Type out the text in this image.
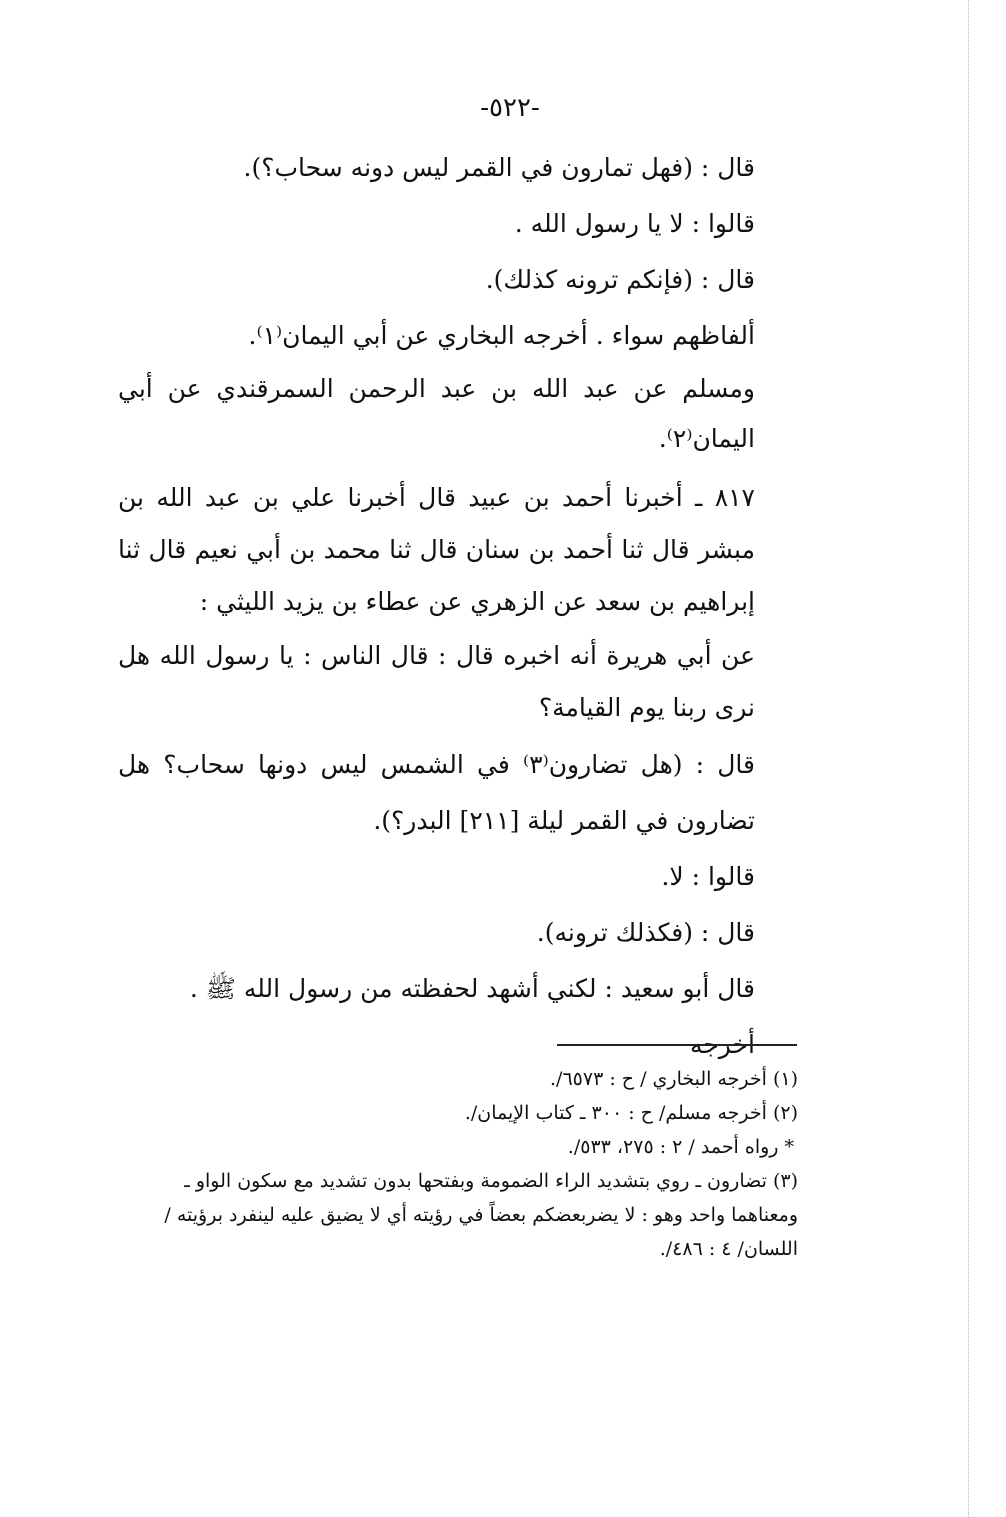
-٥٢٢-

قال : (فهل تمارون في القمر ليس دونه سحاب؟).

قالوا : لا يا رسول الله .

قال : (فإنكم ترونه كذلك).

ألفاظهم سواء . أخرجه البخاري عن أبي اليمان⁽١⁾.

ومسلم عن عبد الله بن عبد الرحمن السمرقندي عن أبي اليمان⁽٢⁾.

٨١٧ ـ أخبرنا أحمد بن عبيد قال أخبرنا علي بن عبد الله بن مبشر قال ثنا أحمد بن سنان قال ثنا محمد بن أبي نعيم قال ثنا إبراهيم بن سعد عن الزهري عن عطاء بن يزيد الليثي :

عن أبي هريرة أنه اخبره قال : قال الناس : يا رسول الله هل نرى ربنا يوم القيامة؟

قال : (هل تضارون⁽٣⁾ في الشمس ليس دونها سحاب؟ هل تضارون في القمر ليلة [٢١١] البدر؟).

قالوا : لا.

قال : (فكذلك ترونه).

قال أبو سعيد : لكني أشهد لحفظته من رسول الله ﷺ . أخرجه

(١) أخرجه البخاري / ح : ٦٥٧٣/.

(٢) أخرجه مسلم/ ح : ٣٠٠ ـ كتاب الإيمان/.

* رواه أحمد / ٢ : ٢٧٥، ٥٣٣/.

(٣) تضارون ـ روي بتشديد الراء الضمومة وبفتحها بدون تشديد مع سكون الواو ـ ومعناهما واحد وهو : لا يضربعضكم بعضاً في رؤيته أي لا يضيق عليه لينفرد برؤيته / اللسان/ ٤ : ٤٨٦/.
